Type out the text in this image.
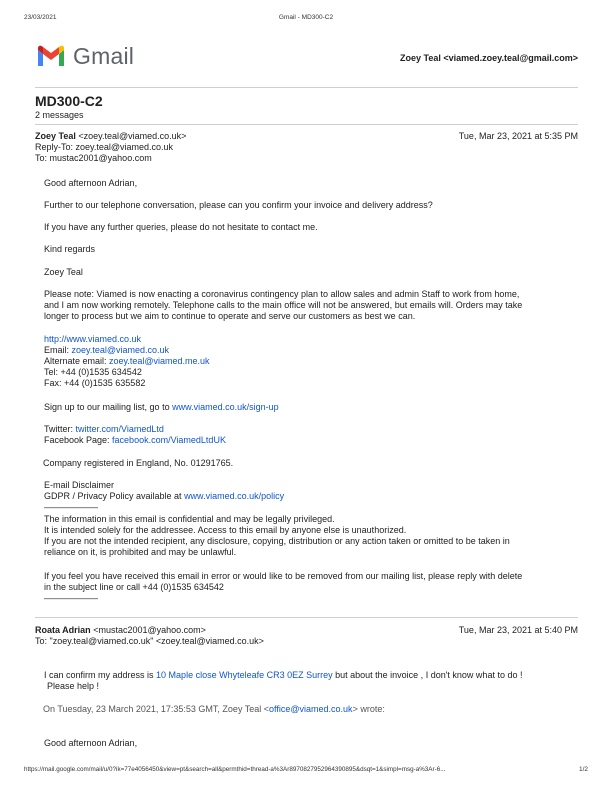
23/03/2021	Gmail - MD300-C2
Gmail	Zoey Teal <viamed.zoey.teal@gmail.com>
MD300-C2
2 messages
Zoey Teal <zoey.teal@viamed.co.uk>	Tue, Mar 23, 2021 at 5:35 PM
Reply-To: zoey.teal@viamed.co.uk
To: mustac2001@yahoo.com
Good afternoon Adrian,
Further to our telephone conversation, please can you confirm your invoice and delivery address?
If you have any further queries, please do not hesitate to contact me.
Kind regards
Zoey Teal
Please note: Viamed is now enacting a coronavirus contingency plan to allow sales and admin Staff to work from home,
and I am now working remotely. Telephone calls to the main office will not be answered, but emails will. Orders may take
longer to process but we aim to continue to operate and serve our customers as best we can.
http://www.viamed.co.uk
Email: zoey.teal@viamed.co.uk
Alternate email: zoey.teal@viamed.me.uk
Tel: +44 (0)1535 634542
Fax: +44 (0)1535 635582
Sign up to our mailing list, go to www.viamed.co.uk/sign-up
Twitter: twitter.com/ViamedLtd
Facebook Page: facebook.com/ViamedLtdUK
Company registered in England, No. 01291765.
E-mail Disclaimer
GDPR / Privacy Policy available at www.viamed.co.uk/policy
——————
The information in this email is confidential and may be legally privileged.
It is intended solely for the addressee. Access to this email by anyone else is unauthorized.
If you are not the intended recipient, any disclosure, copying, distribution or any action taken or omitted to be taken in
reliance on it, is prohibited and may be unlawful.
If you feel you have received this email in error or would like to be removed from our mailing list, please reply with delete
in the subject line or call +44 (0)1535 634542
——————
Roata Adrian <mustac2001@yahoo.com>	Tue, Mar 23, 2021 at 5:40 PM
To: "zoey.teal@viamed.co.uk" <zoey.teal@viamed.co.uk>
I can confirm my address is 10 Maple close Whyteleafe CR3 0EZ Surrey but about the invoice , I don't know what to do !
Please help !
On Tuesday, 23 March 2021, 17:35:53 GMT, Zoey Teal <office@viamed.co.uk> wrote:
Good afternoon Adrian,
https://mail.google.com/mail/u/0?ik=77e4056450&view=pt&search=all&permthid=thread-a%3Ar8970827952964390895&dsqt=1&simpl=msg-a%3Ar-6...	1/2
